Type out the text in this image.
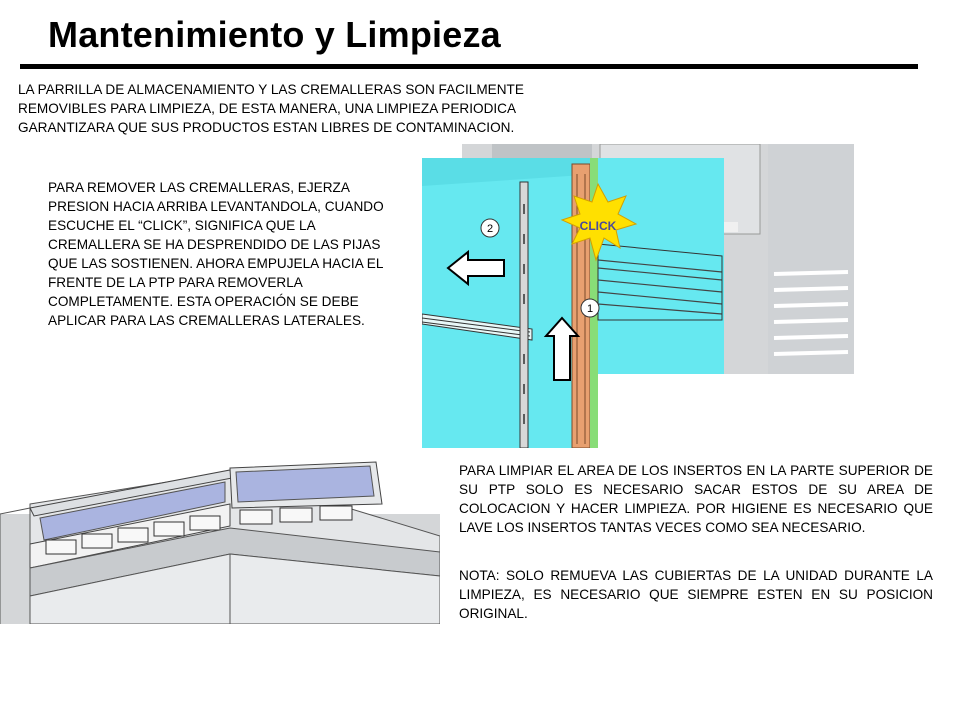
Mantenimiento y Limpieza

LA PARRILLA DE ALMACENAMIENTO Y LAS CREMALLERAS SON FACILMENTE REMOVIBLES PARA LIMPIEZA, DE ESTA MANERA, UNA LIMPIEZA PERIODICA GARANTIZARA QUE SUS PRODUCTOS ESTAN LIBRES DE CONTAMINACION.

PARA REMOVER LAS CREMALLERAS, EJERZA PRESION HACIA ARRIBA LEVANTANDOLA, CUANDO ESCUCHE EL “CLICK”, SIGNIFICA QUE LA CREMALLERA SE HA DESPRENDIDO DE LAS PIJAS QUE LAS SOSTIENEN. AHORA EMPUJELA HACIA EL FRENTE DE LA PTP PARA REMOVERLA COMPLETAMENTE. ESTA OPERACIÓN SE DEBE APLICAR PARA LAS CREMALLERAS LATERALES.

2
1
CLICK

PARA LIMPIAR EL AREA DE LOS INSERTOS EN LA PARTE SUPERIOR DE SU PTP SOLO ES NECESARIO SACAR ESTOS DE SU AREA DE COLOCACION Y HACER LIMPIEZA. POR HIGIENE ES NECESARIO QUE LAVE LOS INSERTOS TANTAS VECES COMO SEA NECESARIO.

NOTA: SOLO REMUEVA LAS CUBIERTAS DE LA UNIDAD DURANTE LA LIMPIEZA, ES NECESARIO QUE SIEMPRE ESTEN EN SU POSICION ORIGINAL.
